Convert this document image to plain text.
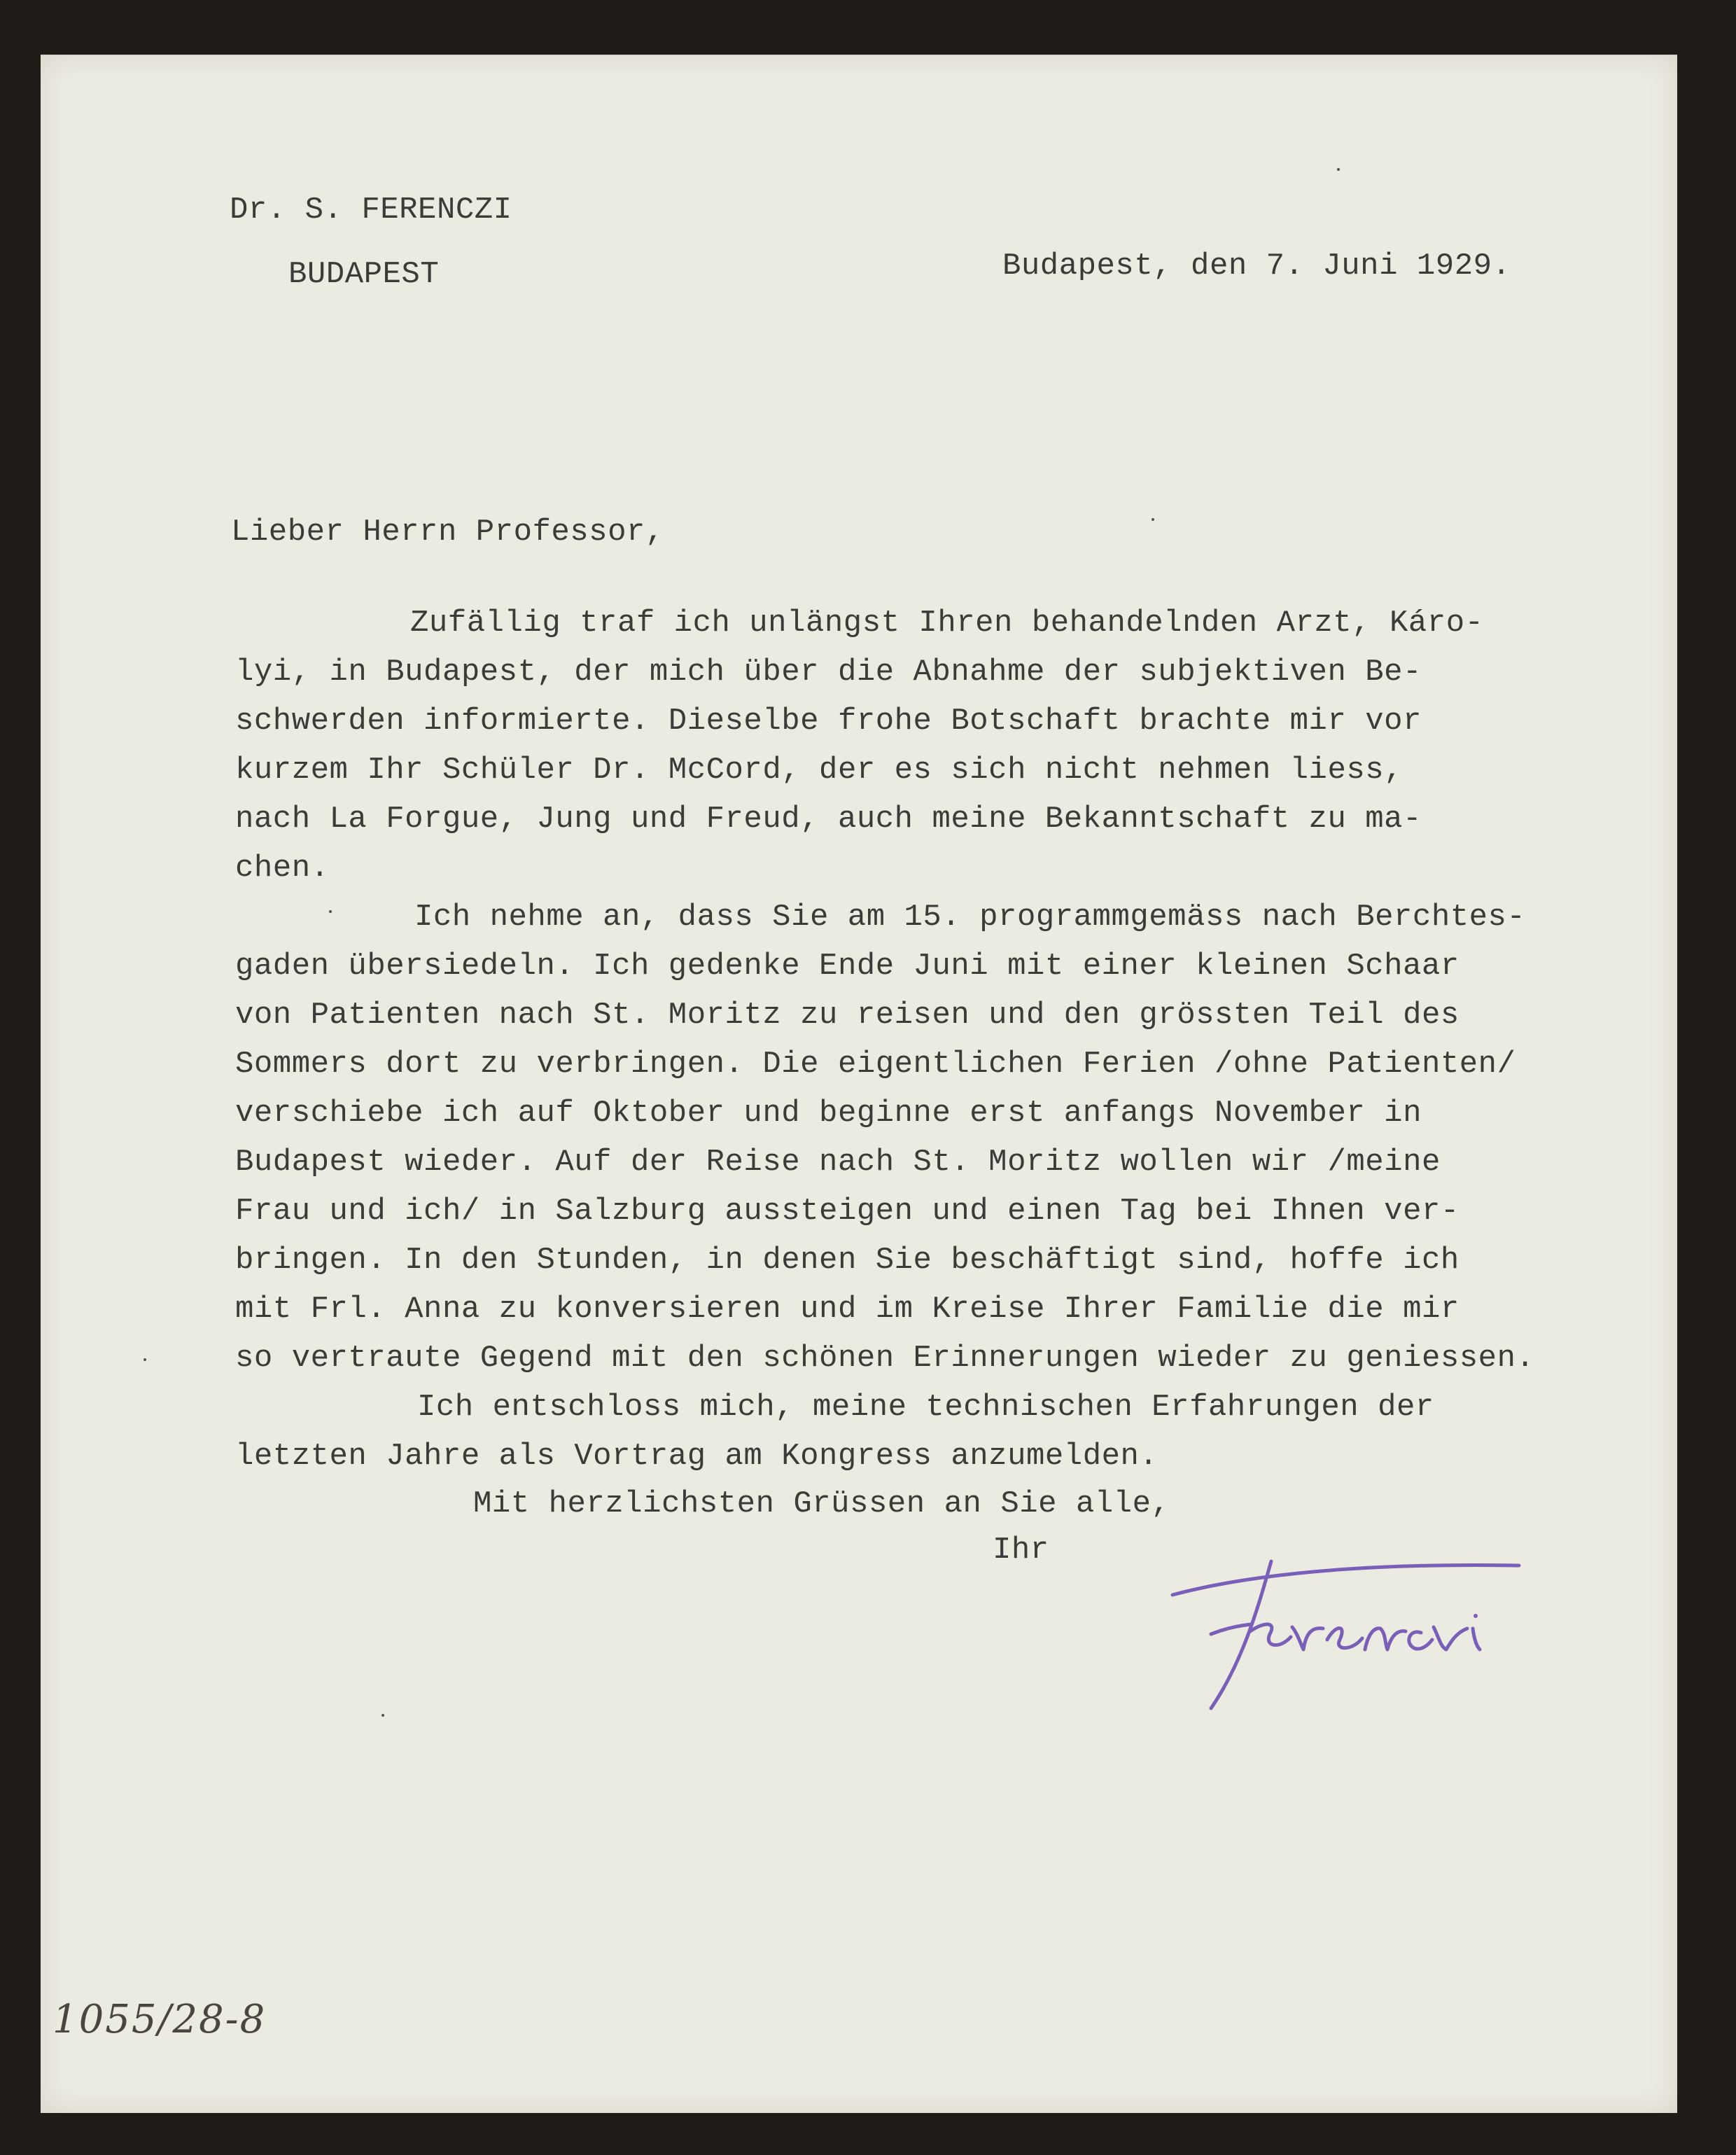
Dr. S. FERENCZI
BUDAPEST	Budapest, den 7. Juni 1929.
Lieber Herrn Professor,
Zufällig traf ich unlängst Ihren behandelnden Arzt, Káro-
lyi, in Budapest, der mich über die Abnahme der subjektiven Be-
schwerden informierte. Dieselbe frohe Botschaft brachte mir vor
kurzem Ihr Schüler Dr. McCord, der es sich nicht nehmen liess,
nach La Forgue, Jung und Freud, auch meine Bekanntschaft zu ma-
chen.
Ich nehme an, dass Sie am 15. programmgemäss nach Berchtes-
gaden übersiedeln. Ich gedenke Ende Juni mit einer kleinen Schaar
von Patienten nach St. Moritz zu reisen und den grössten Teil des
Sommers dort zu verbringen. Die eigentlichen Ferien /ohne Patienten/
verschiebe ich auf Oktober und beginne erst anfangs November in
Budapest wieder. Auf der Reise nach St. Moritz wollen wir /meine
Frau und ich/ in Salzburg aussteigen und einen Tag bei Ihnen ver-
bringen. In den Stunden, in denen Sie beschäftigt sind, hoffe ich
mit Frl. Anna zu konversieren und im Kreise Ihrer Familie die mir
so vertraute Gegend mit den schönen Erinnerungen wieder zu geniessen.
Ich entschloss mich, meine technischen Erfahrungen der
letzten Jahre als Vortrag am Kongress anzumelden.
Mit herzlichsten Grüssen an Sie alle,
Ihr
1055/28-8
